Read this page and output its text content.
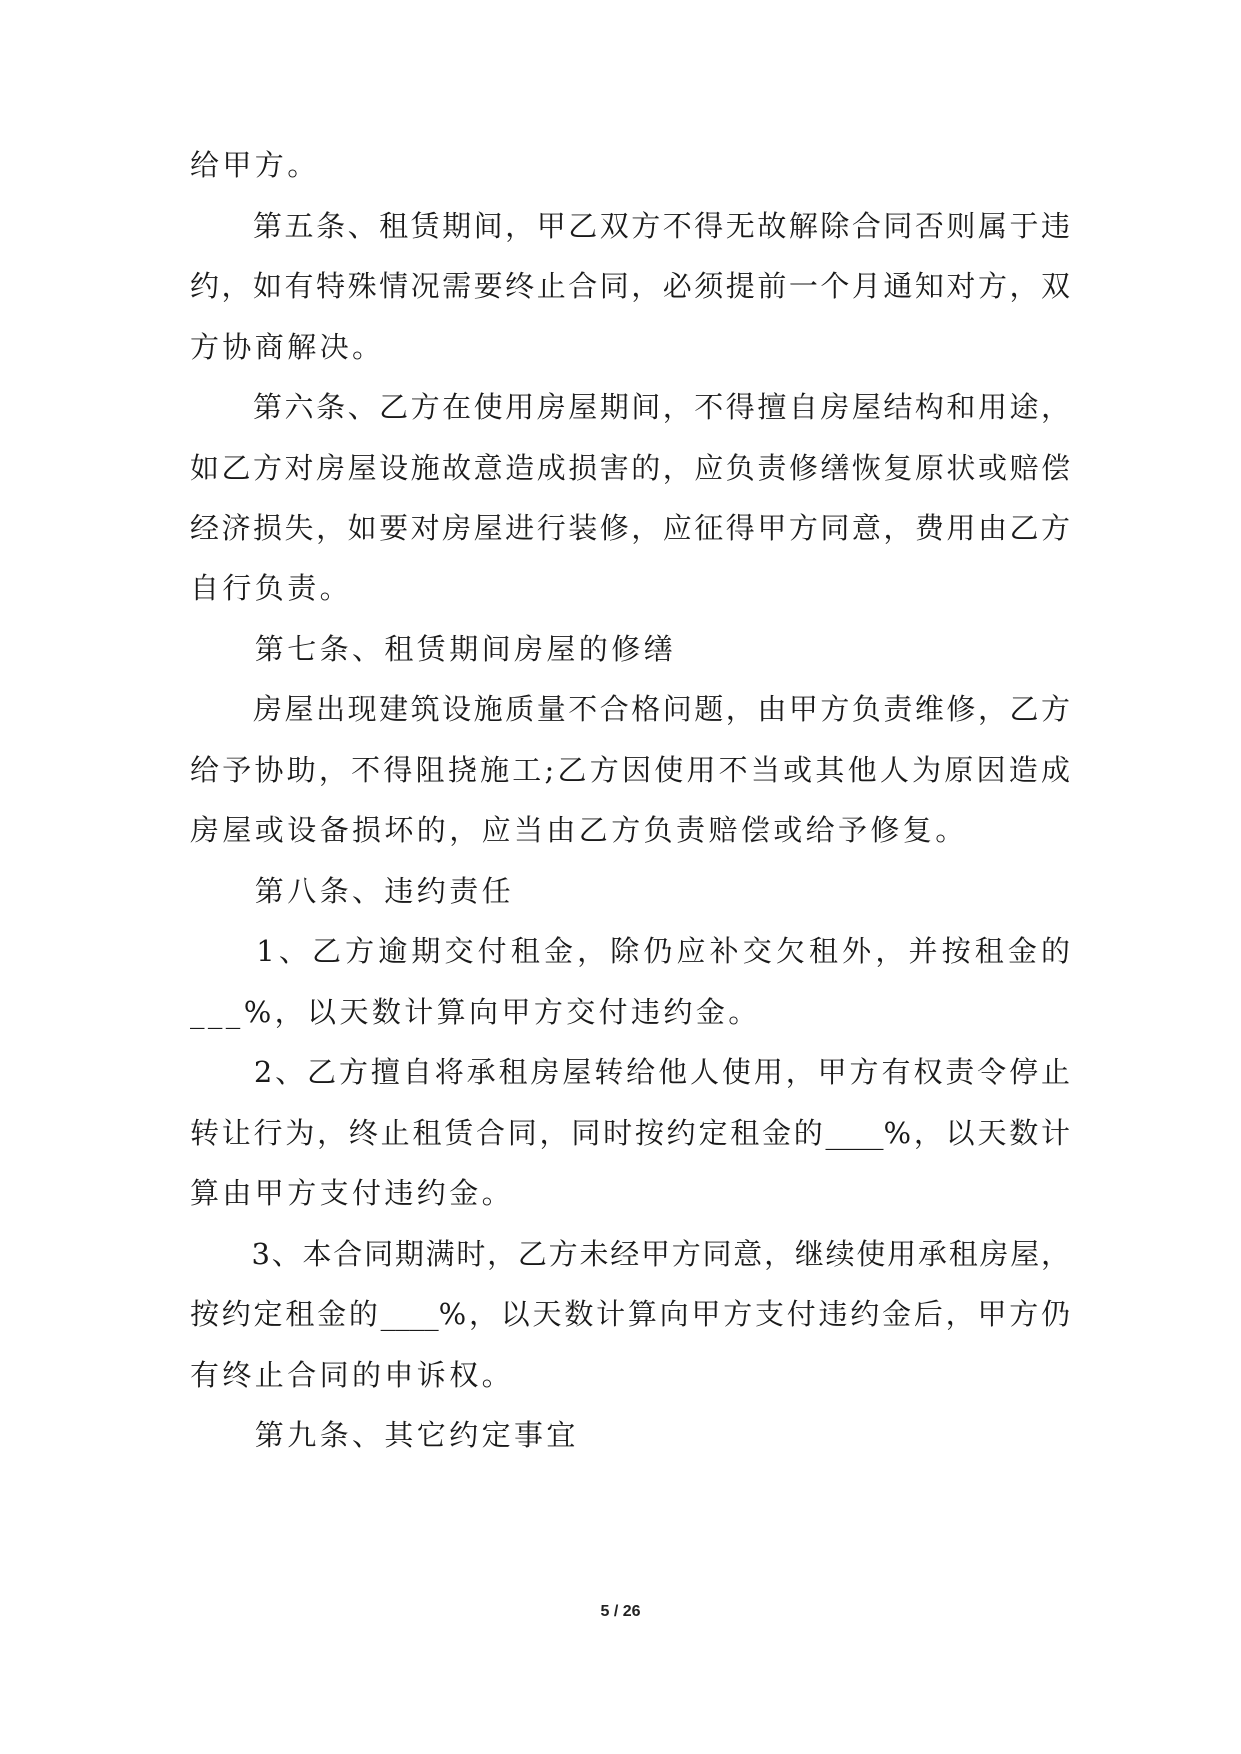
给甲方。

　　第五条、租赁期间，甲乙双方不得无故解除合同否则属于违

约，如有特殊情况需要终止合同，必须提前一个月通知对方，双

方协商解决。

　　第六条、乙方在使用房屋期间，不得擅自房屋结构和用途，

如乙方对房屋设施故意造成损害的，应负责修缮恢复原状或赔偿

经济损失，如要对房屋进行装修，应征得甲方同意，费用由乙方

自行负责。

　　第七条、租赁期间房屋的修缮

　　房屋出现建筑设施质量不合格问题，由甲方负责维修，乙方

给予协助，不得阻挠施工;乙方因使用不当或其他人为原因造成

房屋或设备损坏的，应当由乙方负责赔偿或给予修复。

　　第八条、违约责任

　　1、乙方逾期交付租金，除仍应补交欠租外，并按租金的

___%，以天数计算向甲方交付违约金。

　　2、乙方擅自将承租房屋转给他人使用，甲方有权责令停止

转让行为，终止租赁合同，同时按约定租金的____%，以天数计

算由甲方支付违约金。

　　3、本合同期满时，乙方未经甲方同意，继续使用承租房屋，

按约定租金的____%，以天数计算向甲方支付违约金后，甲方仍

有终止合同的申诉权。

　　第九条、其它约定事宜

5 / 26
